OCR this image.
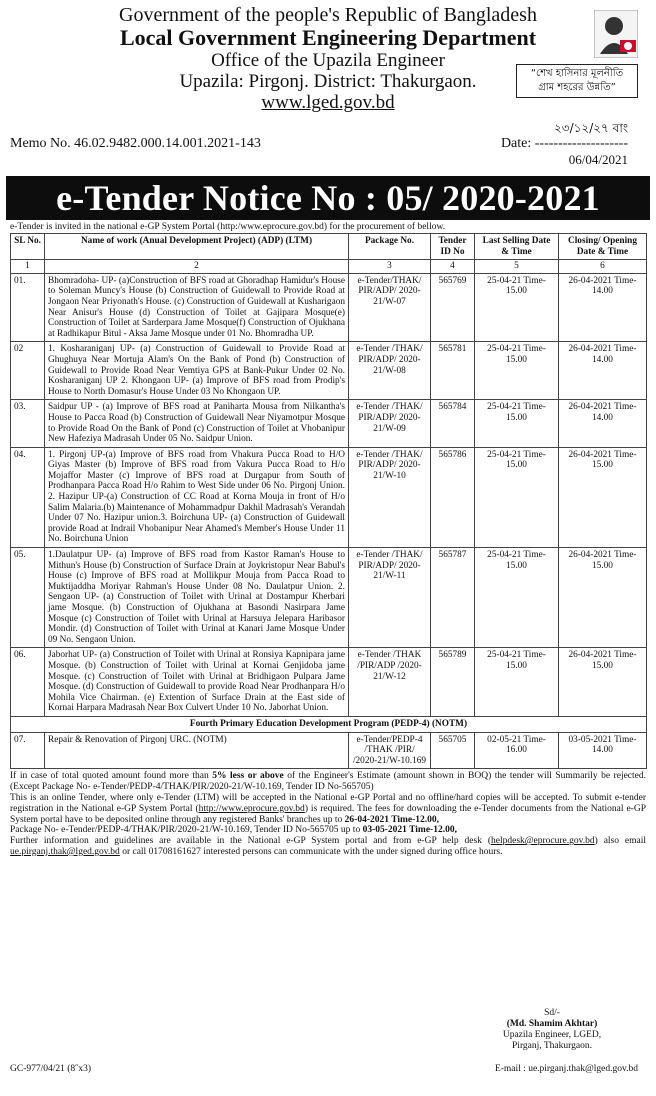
Government of the people's Republic of Bangladesh
Local Government Engineering Department
Office of the Upazila Engineer
Upazila: Pirgonj. District: Thakurgaon.
www.lged.gov.bd
“শেখ হাসিনার মূলনীতি
গ্রাম শহরের উন্নতি”
Memo No. 46.02.9482.000.14.001.2021-143
২৩/১২/২৭ বাং
Date: --------------------
06/04/2021
e-Tender Notice No : 05/ 2020-2021
e-Tender is invited in the national e-GP System Portal (http:/www.eprocure.gov.bd) for the procurement of bellow.
SL No.	Name of work (Anual Development Project) (ADP) (LTM)	Package No.	Tender ID No	Last Selling Date & Time	Closing/ Opening Date & Time
1	2	3	4	5	6
01.	Bhomradoha- UP- (a)Construction of BFS road at Ghoradhap Hamidur's House to Soleman Muncy's House (b) Construction of Guidewall to Provide Road at Jongaon Near Priyonath's House. (c) Construction of Guidewall at Kusharigaon Near Anisur's House (d) Construction of Toilet at Gajipara Mosque(e) Construction of Toilet at Sarderpara Jame Mosque(f) Construction of Ojukhana at Radhikapur Bitul - Aksa Jame Mosque under 01 No. Bhomradha UP.	e-Tender/THAK/ PIR/ADP/ 2020-21/W-07	565769	25-04-21 Time-15.00	26-04-2021 Time-14.00
02	1. Kosharaniganj UP- (a) Construction of Guidewall to Provide Road at Ghughuya Near Mortuja Alam's On the Bank of Pond (b) Construction of Guidewall to Provide Road Near Vemtiya GPS at Bank-Pukur Under 02 No. Kosharaniganj UP 2. Khongaon UP- (a) Improve of BFS road from Prodip's House to North Domasur's House Under 03 No Khongaon UP.	e-Tender /THAK/ PIR/ADP/ 2020-21/W-08	565781	25-04-21 Time-15.00	26-04-2021 Time-14.00
03.	Saidpur UP - (a) Improve of BFS road at Paniharta Mousa from Nilkantha's House to Pacca Road (b) Construction of Guidewall Near Niyamotpur Mosque to Provide Road On the Bank of Pond (c) Construction of Toilet at Vhobanipur New Hafeziya Madrasah Under 05 No. Saidpur Union.	e-Tender /THAK/ PIR/ADP/ 2020-21/W-09	565784	25-04-21 Time-15.00	26-04-2021 Time-14.00
04.	1. Pirgonj UP-(a) Improve of BFS road from Vhakura Pucca Road to H/O Giyas Master (b) Improve of BFS road from Vakura Pucca Road to H/o Mojaffor Master (c) Improve of BFS road at Durgapur from South of Prodhanpara Pacca Road H/o Rahim to West Side under 06 No. Pirgonj Union. 2. Hazipur UP-(a) Construction of CC Road at Korna Mouja in front of H/o Salim Malaria.(b) Maintenance of Mohammadpur Dakhil Madrasah's Verandah Under 07 No. Hazipur union.3. Boirchuna UP- (a) Construction of Guidewall provide Road at Indrail Vhobanipur Near Ahamed's Member's House Under 11 No. Boirchuna Union	e-Tender /THAK/ PIR/ADP/ 2020-21/W-10	565786	25-04-21 Time-15.00	26-04-2021 Time-15.00
05.	1.Daulatpur UP- (a) Improve of BFS road from Kastor Raman's House to Mithun's House (b) Construction of Surface Drain at Joykristopur Near Babul's House (c) Improve of BFS road at Mollikpur Mouja from Pacca Road to Muktijaddha Moriyar Rahman's House Under 08 No. Daulatpur Union. 2. Sengaon UP- (a) Construction of Toilet with Urinal at Dostampur Kherbari jame Mosque. (b) Construction of Ojukhana at Basondi Nasirpara Jame Mosque (c) Construction of Toilet with Urinal at Harsuya Jelepara Haribasor Mondir. (d) Construction of Toilet with Urinal at Kanari Jame Mosque Under 09 No. Sengaon Union.	e-Tender /THAK/ PIR/ADP/ 2020-21/W-11	565787	25-04-21 Time-15.00	26-04-2021 Time-15.00
06.	Jaborhat UP- (a) Construction of Toilet with Urinal at Ronsiya Kapnipara jame Mosque. (b) Construction of Toilet with Urinal at Kornai Genjidoba jame Mosque. (c) Construction of Toilet with Urinal at Bridhigaon Pulpara Jame Mosque. (d) Construction of Guidewall to provide Road Near Prodhanpara H/o Mohila Vice Chairman. (e) Extention of Surface Drain at the East side of Kornai Harpara Madrasah Near Box Culvert Under 10 No. Jaborhat Union.	e-Tender /THAK /PIR/ADP /2020-21/W-12	565789	25-04-21 Time-15.00	26-04-2021 Time-15.00
Fourth Primary Education Development Program (PEDP-4) (NOTM)					
07.	Repair & Renovation of Pirgonj URC. (NOTM)	e-Tender/PEDP-4 /THAK /PIR/ /2020-21/W-10.169	565705	02-05-21 Time-16.00	03-05-2021 Time-14.00
If in case of total quoted amount found more than 5% less or above of the Engineer's Estimate (amount shown in BOQ) the tender will Summarily be rejected. (Except Package No- e-Tender/PEDP-4/THAK/PIR/2020-21/W-10.169, Tender ID No-565705)
This is an online Tender, where only e-Tender (LTM) will be accepted in the National e-GP Portal and no offline/hard copies will be accepted. To submit e-tender registration in the National e-GP System Portal (http://www.eprocure.gov.bd) is required. The fees for downloading the e-Tender documents from the National e-GP System portal have to be deposited online through any registered Banks' branches up to 26-04-2021 Time-12.00,
Package No- e-Tender/PEDP-4/THAK/PIR/2020-21/W-10.169, Tender ID No-565705 up to 03-05-2021 Time-12.00,
Further information and guidelines are available in the National e-GP System portal and from e-GP help desk (helpdesk@eprocure.gov.bd) also email ue.pirganj.thak@lged.gov.bd or call 01708161627 interested persons can communicate with the under signed during office hours.
Sd/-
(Md. Shamim Akhtar)
Upazila Engineer, LGED,
Pirganj, Thakurgaon.
GC-977/04/21 (8˝x3)	E-mail : ue.pirganj.thak@lged.gov.bd
